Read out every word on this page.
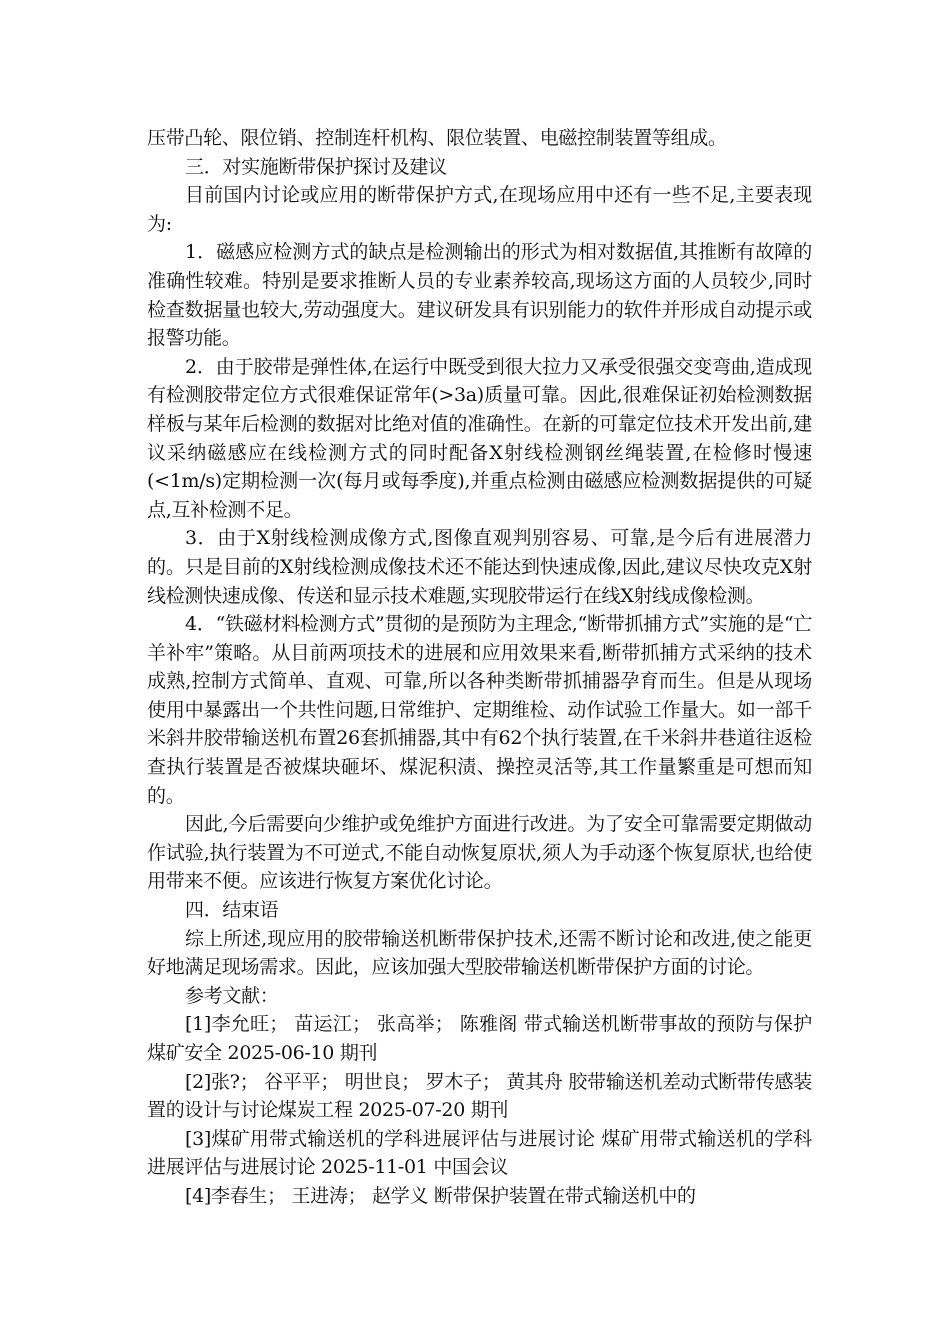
压带凸轮、限位销、控制连杆机构、限位装置、电磁控制装置等组成。

三．对实施断带保护探讨及建议

目前国内讨论或应用的断带保护方式,在现场应用中还有一些不足,主要表现为:

1．磁感应检测方式的缺点是检测输出的形式为相对数据值,其推断有故障的准确性较难。特别是要求推断人员的专业素养较高,现场这方面的人员较少,同时检查数据量也较大,劳动强度大。建议研发具有识别能力的软件并形成自动提示或报警功能。

2．由于胶带是弹性体,在运行中既受到很大拉力又承受很强交变弯曲,造成现有检测胶带定位方式很难保证常年(>3a)质量可靠。因此,很难保证初始检测数据样板与某年后检测的数据对比绝对值的准确性。在新的可靠定位技术开发出前,建议采纳磁感应在线检测方式的同时配备X射线检测钢丝绳装置,在检修时慢速(<1m/s)定期检测一次(每月或每季度),并重点检测由磁感应检测数据提供的可疑点,互补检测不足。

3．由于X射线检测成像方式,图像直观判别容易、可靠,是今后有进展潜力的。只是目前的X射线检测成像技术还不能达到快速成像,因此,建议尽快攻克X射线检测快速成像、传送和显示技术难题,实现胶带运行在线X射线成像检测。

4．“铁磁材料检测方式”贯彻的是预防为主理念,“断带抓捕方式”实施的是“亡羊补牢”策略。从目前两项技术的进展和应用效果来看,断带抓捕方式采纳的技术成熟,控制方式简单、直观、可靠,所以各种类断带抓捕器孕育而生。但是从现场使用中暴露出一个共性问题,日常维护、定期维检、动作试验工作量大。如一部千米斜井胶带输送机布置26套抓捕器,其中有62个执行装置,在千米斜井巷道往返检查执行装置是否被煤块砸坏、煤泥积渍、操控灵活等,其工作量繁重是可想而知的。

因此,今后需要向少维护或免维护方面进行改进。为了安全可靠需要定期做动作试验,执行装置为不可逆式,不能自动恢复原状,须人为手动逐个恢复原状,也给使用带来不便。应该进行恢复方案优化讨论。

四．结束语

综上所述,现应用的胶带输送机断带保护技术,还需不断讨论和改进,使之能更好地满足现场需求。因此，应该加强大型胶带输送机断带保护方面的讨论。

参考文献：

[1]李允旺； 苗运江； 张高举； 陈雅阁 带式输送机断带事故的预防与保护煤矿安全 2025-06-10 期刊

[2]张?； 谷平平； 明世良； 罗木子； 黄其舟 胶带输送机差动式断带传感装置的设计与讨论煤炭工程 2025-07-20 期刊

[3]煤矿用带式输送机的学科进展评估与进展讨论 煤矿用带式输送机的学科进展评估与进展讨论 2025-11-01 中国会议

[4]李春生； 王进涛； 赵学义 断带保护装置在带式输送机中的
